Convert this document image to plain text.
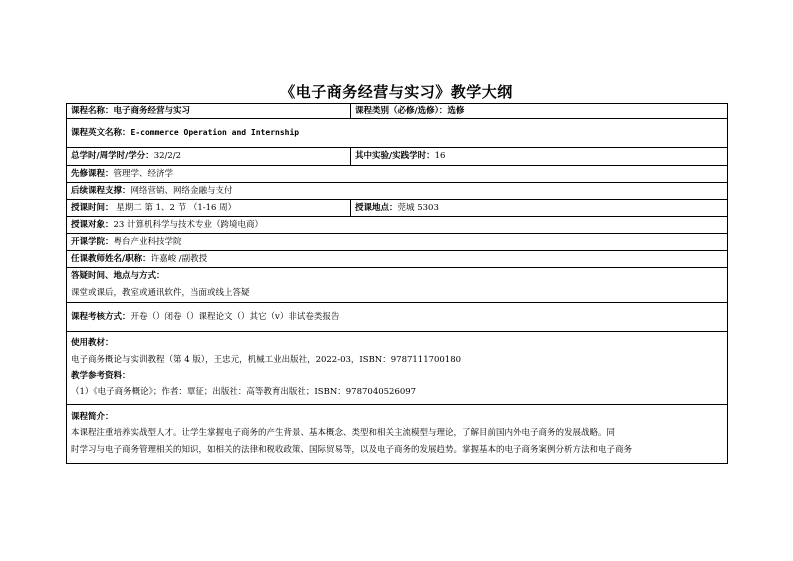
《电子商务经营与实习》教学大纲
课程名称：电子商务经营与实习	课程类别（必修/选修）：选修
课程英文名称：E-commerce Operation and Internship	
总学时/周学时/学分：32/2/2	其中实验/实践学时：16
先修课程：管理学、经济学	
后续课程支撑：网络营销、网络金融与支付	
授课时间： 星期二 第 1、2 节 （1-16 周）	授课地点：莞城 5303
授课对象：23 计算机科学与技术专业（跨境电商）	
开课学院：粤台产业科技学院	
任课教师姓名/职称：许嘉峻 /副教授	

答疑时间、地点与方式：
课堂或课后，教室或通讯软件，当面或线上答疑	

课程考核方式：开卷（）闭卷（）课程论文（）其它（v）非试卷类报告	

使用教材：
电子商务概论与实训教程（第 4 版），王忠元，机械工业出版社，2022-03，ISBN：9787111700180
教学参考资料：
（1）《电子商务概论》；作者：覃征；出版社：高等教育出版社；ISBN：9787040526097	

课程简介：
本课程注重培养实战型人才。让学生掌握电子商务的产生背景、基本概念、类型和相关主流模型与理论，了解目前国内外电子商务的发展战略。同
时学习与电子商务管理相关的知识，如相关的法律和税收政策、国际贸易等，以及电子商务的发展趋势。掌握基本的电子商务案例分析方法和电子商务	
